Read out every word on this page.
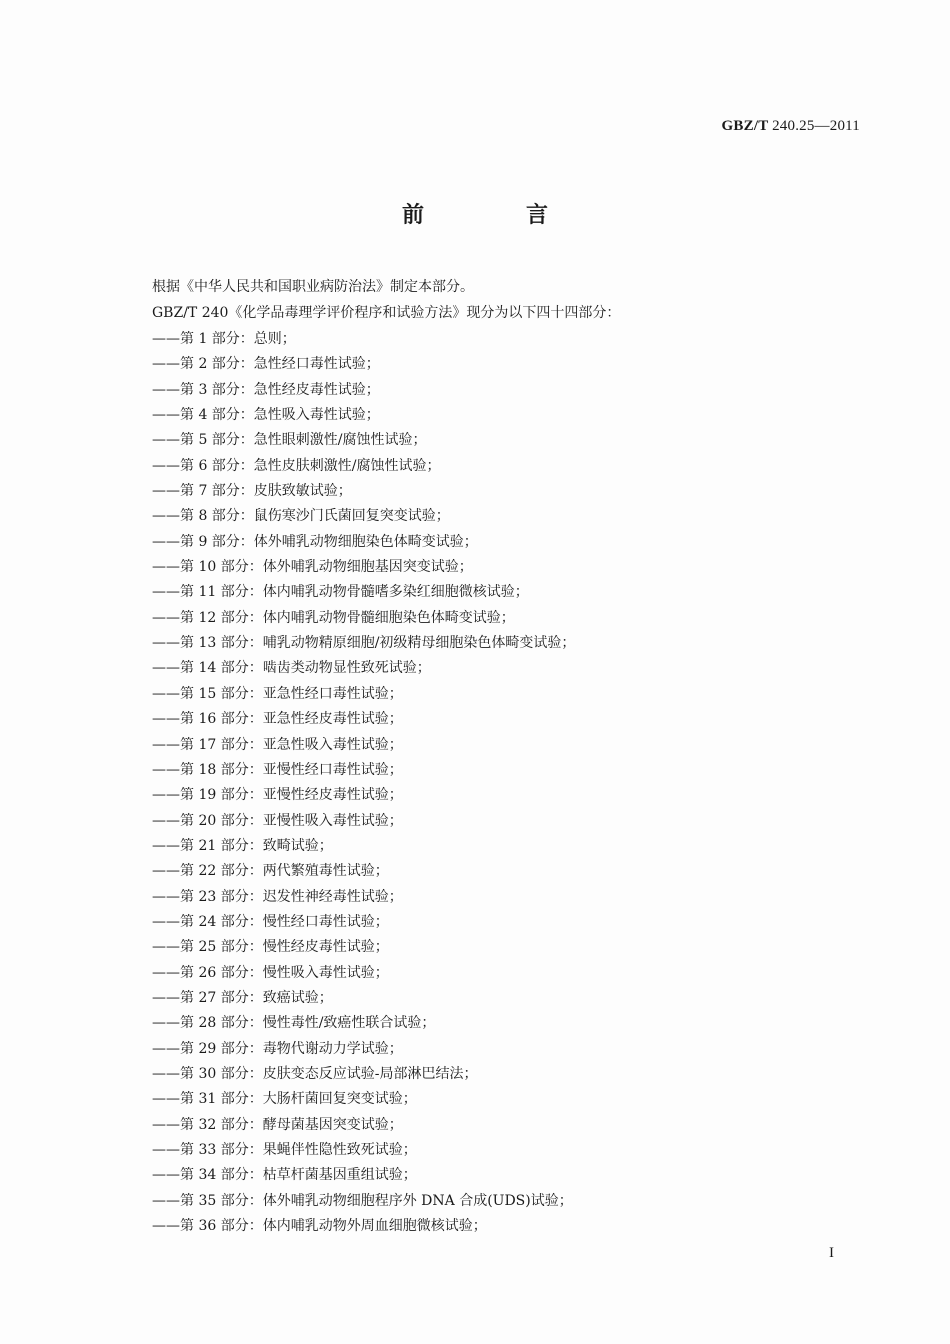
GBZ/T 240.25—2011
前　言
根据《中华人民共和国职业病防治法》制定本部分。
GBZ/T 240《化学品毒理学评价程序和试验方法》现分为以下四十四部分：
——第 1 部分：总则；
——第 2 部分：急性经口毒性试验；
——第 3 部分：急性经皮毒性试验；
——第 4 部分：急性吸入毒性试验；
——第 5 部分：急性眼刺激性/腐蚀性试验；
——第 6 部分：急性皮肤刺激性/腐蚀性试验；
——第 7 部分：皮肤致敏试验；
——第 8 部分：鼠伤寒沙门氏菌回复突变试验；
——第 9 部分：体外哺乳动物细胞染色体畸变试验；
——第 10 部分：体外哺乳动物细胞基因突变试验；
——第 11 部分：体内哺乳动物骨髓嗜多染红细胞微核试验；
——第 12 部分：体内哺乳动物骨髓细胞染色体畸变试验；
——第 13 部分：哺乳动物精原细胞/初级精母细胞染色体畸变试验；
——第 14 部分：啮齿类动物显性致死试验；
——第 15 部分：亚急性经口毒性试验；
——第 16 部分：亚急性经皮毒性试验；
——第 17 部分：亚急性吸入毒性试验；
——第 18 部分：亚慢性经口毒性试验；
——第 19 部分：亚慢性经皮毒性试验；
——第 20 部分：亚慢性吸入毒性试验；
——第 21 部分：致畸试验；
——第 22 部分：两代繁殖毒性试验；
——第 23 部分：迟发性神经毒性试验；
——第 24 部分：慢性经口毒性试验；
——第 25 部分：慢性经皮毒性试验；
——第 26 部分：慢性吸入毒性试验；
——第 27 部分：致癌试验；
——第 28 部分：慢性毒性/致癌性联合试验；
——第 29 部分：毒物代谢动力学试验；
——第 30 部分：皮肤变态反应试验-局部淋巴结法；
——第 31 部分：大肠杆菌回复突变试验；
——第 32 部分：酵母菌基因突变试验；
——第 33 部分：果蝇伴性隐性致死试验；
——第 34 部分：枯草杆菌基因重组试验；
——第 35 部分：体外哺乳动物细胞程序外 DNA 合成(UDS)试验；
——第 36 部分：体内哺乳动物外周血细胞微核试验；
I
